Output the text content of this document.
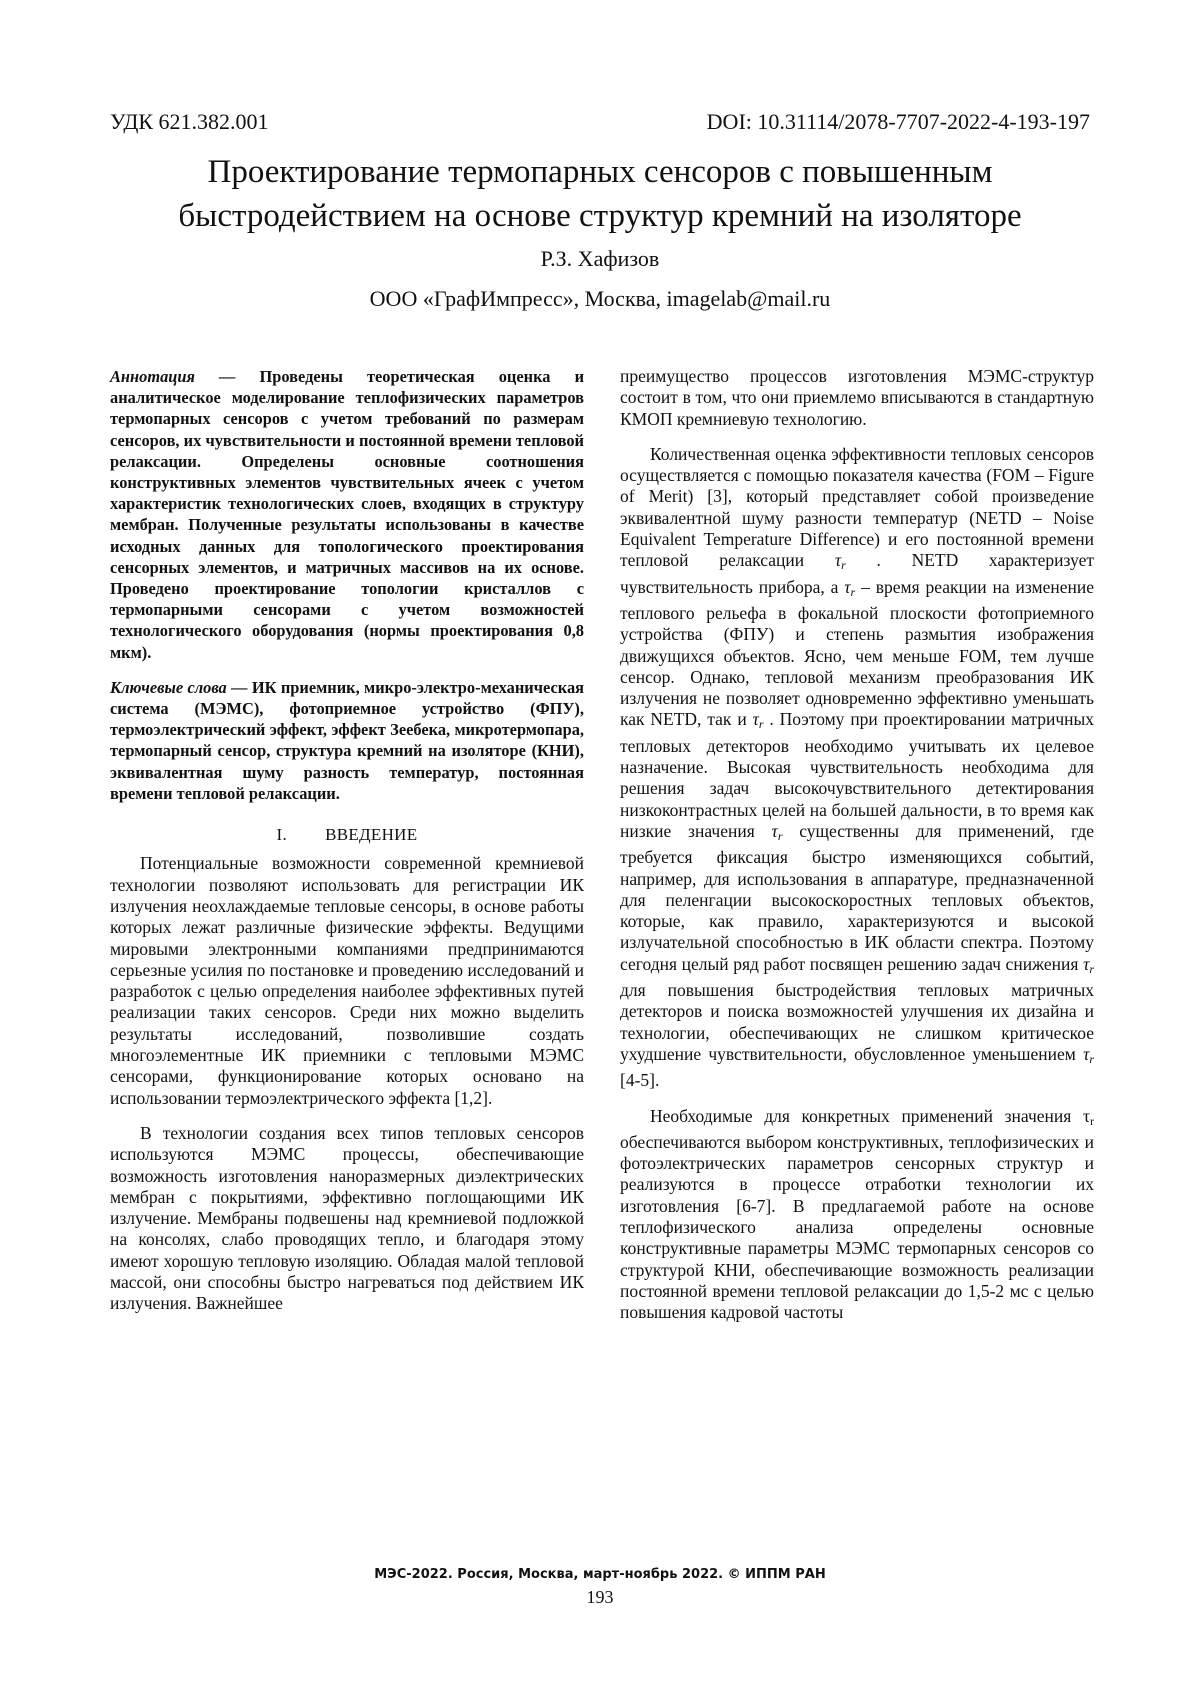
УДК 621.382.001	DOI: 10.31114/2078-7707-2022-4-193-197
Проектирование термопарных сенсоров с повышенным
быстродействием на основе структур кремний на изоляторе
Р.З. Хафизов
ООО «ГрафИмпресс», Москва, imagelab@mail.ru

Аннотация — Проведены теоретическая оценка и аналитическое моделирование теплофизических параметров термопарных сенсоров с учетом требований по размерам сенсоров, их чувствительности и постоянной времени тепловой релаксации. Определены основные соотношения конструктивных элементов чувствительных ячеек с учетом характеристик технологических слоев, входящих в структуру мембран. Полученные результаты использованы в качестве исходных данных для топологического проектирования сенсорных элементов, и матричных массивов на их основе. Проведено проектирование топологии кристаллов с термопарными сенсорами с учетом возможностей технологического оборудования (нормы проектирования 0,8 мкм).

Ключевые слова — ИК приемник, микро-электро-механическая система (МЭМС), фотоприемное устройство (ФПУ), термоэлектрический эффект, эффект Зеебека, микротермопара, термопарный сенсор, структура кремний на изоляторе (КНИ), эквивалентная шуму разность температур, постоянная времени тепловой релаксации.

I. ВВЕДЕНИЕ

Потенциальные возможности современной кремниевой технологии позволяют использовать для регистрации ИК излучения неохлаждаемые тепловые сенсоры, в основе работы которых лежат различные физические эффекты. Ведущими мировыми электронными компаниями предпринимаются серьезные усилия по постановке и проведению исследований и разработок с целью определения наиболее эффективных путей реализации таких сенсоров. Среди них можно выделить результаты исследований, позволившие создать многоэлементные ИК приемники с тепловыми МЭМС сенсорами, функционирование которых основано на использовании термоэлектрического эффекта [1,2].

В технологии создания всех типов тепловых сенсоров используются МЭМС процессы, обеспечивающие возможность изготовления наноразмерных диэлектрических мембран с покрытиями, эффективно поглощающими ИК излучение. Мембраны подвешены над кремниевой подложкой на консолях, слабо проводящих тепло, и благодаря этому имеют хорошую тепловую изоляцию. Обладая малой тепловой массой, они способны быстро нагреваться под действием ИК излучения. Важнейшее

преимущество процессов изготовления МЭМС-структур состоит в том, что они приемлемо вписываются в стандартную КМОП кремниевую технологию.

Количественная оценка эффективности тепловых сенсоров осуществляется с помощью показателя качества (FOM – Figure of Merit) [3], который представляет собой произведение эквивалентной шуму разности температур (NETD – Noise Equivalent Temperature Difference) и его постоянной времени тепловой релаксации $\tau_r$ . NETD характеризует чувствительность прибора, а $\tau_r$ – время реакции на изменение теплового рельефа в фокальной плоскости фотоприемного устройства (ФПУ) и степень размытия изображения движущихся объектов. Ясно, чем меньше FOM, тем лучше сенсор. Однако, тепловой механизм преобразования ИК излучения не позволяет одновременно эффективно уменьшать как NETD, так и $\tau_r$ . Поэтому при проектировании матричных тепловых детекторов необходимо учитывать их целевое назначение. Высокая чувствительность необходима для решения задач высокочувствительного детектирования низкоконтрастных целей на большей дальности, в то время как низкие значения $\tau_r$ существенны для применений, где требуется фиксация быстро изменяющихся событий, например, для использования в аппаратуре, предназначенной для пеленгации высокоскоростных тепловых объектов, которые, как правило, характеризуются и высокой излучательной способностью в ИК области спектра. Поэтому сегодня целый ряд работ посвящен решению задач снижения $\tau_r$ для повышения быстродействия тепловых матричных детекторов и поиска возможностей улучшения их дизайна и технологии, обеспечивающих не слишком критическое ухудшение чувствительности, обусловленное уменьшением $\tau_r$ [4-5].

Необходимые для конкретных применений значения $\tau_r$ обеспечиваются выбором конструктивных, теплофизических и фотоэлектрических параметров сенсорных структур и реализуются в процессе отработки технологии их изготовления [6-7]. В предлагаемой работе на основе теплофизического анализа определены основные конструктивные параметры МЭМС термопарных сенсоров со структурой КНИ, обеспечивающие возможность реализации постоянной времени тепловой релаксации до 1,5-2 мс с целью повышения кадровой частоты

МЭС-2022. Россия, Москва, март-ноябрь 2022. © ИППМ РАН
193
